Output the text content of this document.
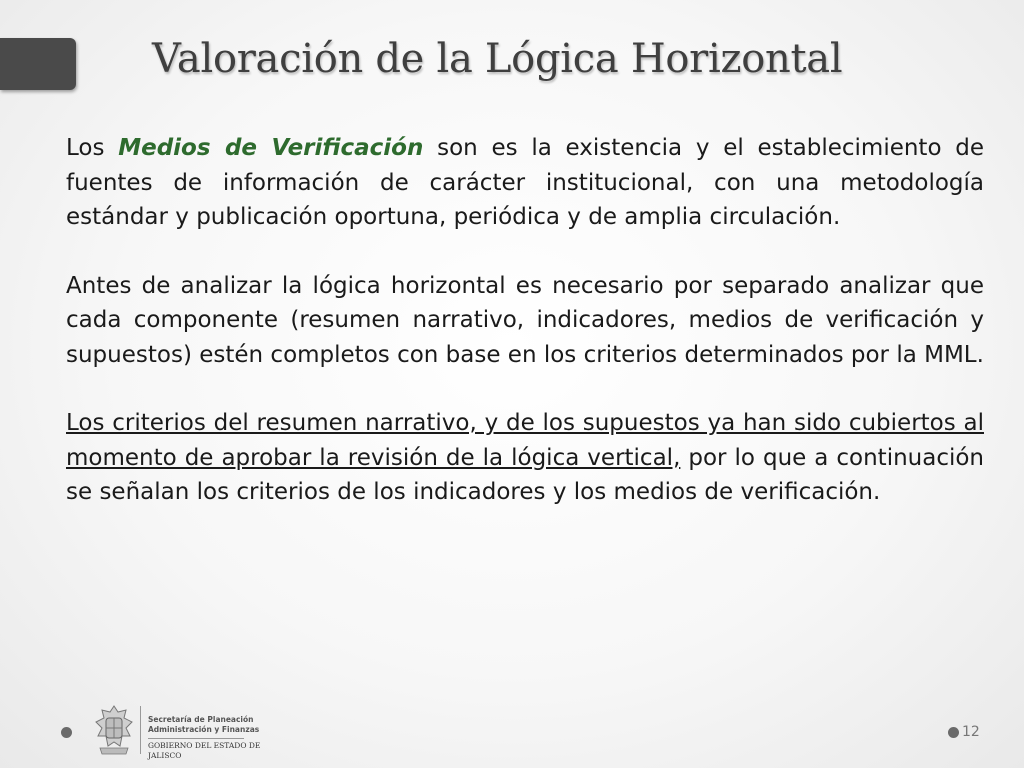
Valoración de la Lógica Horizontal

Los Medios de Verificación son es la existencia y el establecimiento de fuentes de información de carácter institucional, con una metodología estándar y publicación oportuna, periódica y de amplia circulación.

Antes de analizar la lógica horizontal es necesario por separado analizar que cada componente (resumen narrativo, indicadores, medios de verificación y supuestos) estén completos con base en los criterios determinados por la MML.

Los criterios del resumen narrativo, y de los supuestos ya han sido cubiertos al momento de aprobar la revisión de la lógica vertical, por lo que a continuación se señalan los criterios de los indicadores y los medios de verificación.

Secretaría de Planeación
Administración y Finanzas
GOBIERNO DEL ESTADO DE JALISCO
12
